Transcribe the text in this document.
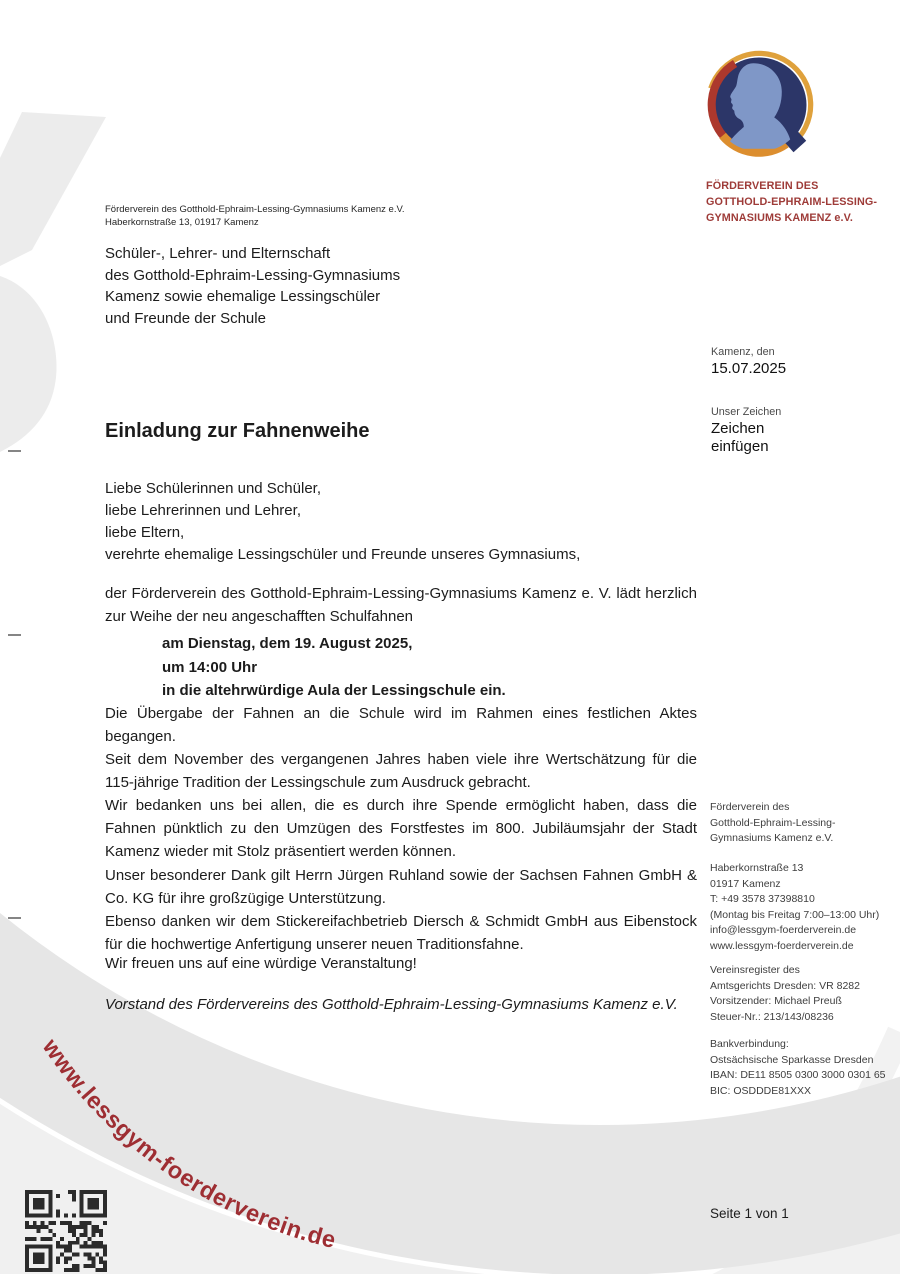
FÖRDERVEREIN DES
GOTTHOLD-EPHRAIM-LESSING-
GYMNASIUMS KAMENZ e.V.
Förderverein des Gotthold-Ephraim-Lessing-Gymnasiums Kamenz e.V.
Haberkornstraße 13, 01917 Kamenz
Schüler-, Lehrer- und Elternschaft
des Gotthold-Ephraim-Lessing-Gymnasiums
Kamenz sowie ehemalige Lessingschüler
und Freunde der Schule
Kamenz, den
15.07.2025
Unser Zeichen
Zeichen
einfügen
Einladung zur Fahnenweihe
Liebe Schülerinnen und Schüler,
liebe Lehrerinnen und Lehrer,
liebe Eltern,
verehrte ehemalige Lessingschüler und Freunde unseres Gymnasiums,
der Förderverein des Gotthold-Ephraim-Lessing-Gymnasiums Kamenz e. V. lädt herzlich zur Weihe der neu angeschafften Schulfahnen
am Dienstag, dem 19. August 2025,
um 14:00 Uhr
in die altehrwürdige Aula der Lessingschule ein.
Die Übergabe der Fahnen an die Schule wird im Rahmen eines festlichen Aktes begangen.
Seit dem November des vergangenen Jahres haben viele ihre Wertschätzung für die 115-jährige Tradition der Lessingschule zum Ausdruck gebracht.
Wir bedanken uns bei allen, die es durch ihre Spende ermöglicht haben, dass die Fahnen pünktlich zu den Umzügen des Forstfestes im 800. Jubiläumsjahr der Stadt Kamenz wieder mit Stolz präsentiert werden können.
Unser besonderer Dank gilt Herrn Jürgen Ruhland sowie der Sachsen Fahnen GmbH & Co. KG für ihre großzügige Unterstützung.
Ebenso danken wir dem Stickereifachbetrieb Diersch & Schmidt GmbH aus Eibenstock für die hochwertige Anfertigung unserer neuen Traditionsfahne.
Wir freuen uns auf eine würdige Veranstaltung!
Vorstand des Fördervereins des Gotthold-Ephraim-Lessing-Gymnasiums Kamenz e.V.
Förderverein des
Gotthold-Ephraim-Lessing-
Gymnasiums Kamenz e.V.
Haberkornstraße 13
01917 Kamenz
T: +49 3578 37398810
(Montag bis Freitag 7:00–13:00 Uhr)
info@lessgym-foerderverein.de
www.lessgym-foerderverein.de
Vereinsregister des
Amtsgerichts Dresden: VR 8282
Vorsitzender: Michael Preuß
Steuer-Nr.: 213/143/08236
Bankverbindung:
Ostsächsische Sparkasse Dresden
IBAN: DE11 8505 0300 3000 0301 65
BIC: OSDDDE81XXX
Seite 1 von 1
www.lessgym-foerderverein.de
